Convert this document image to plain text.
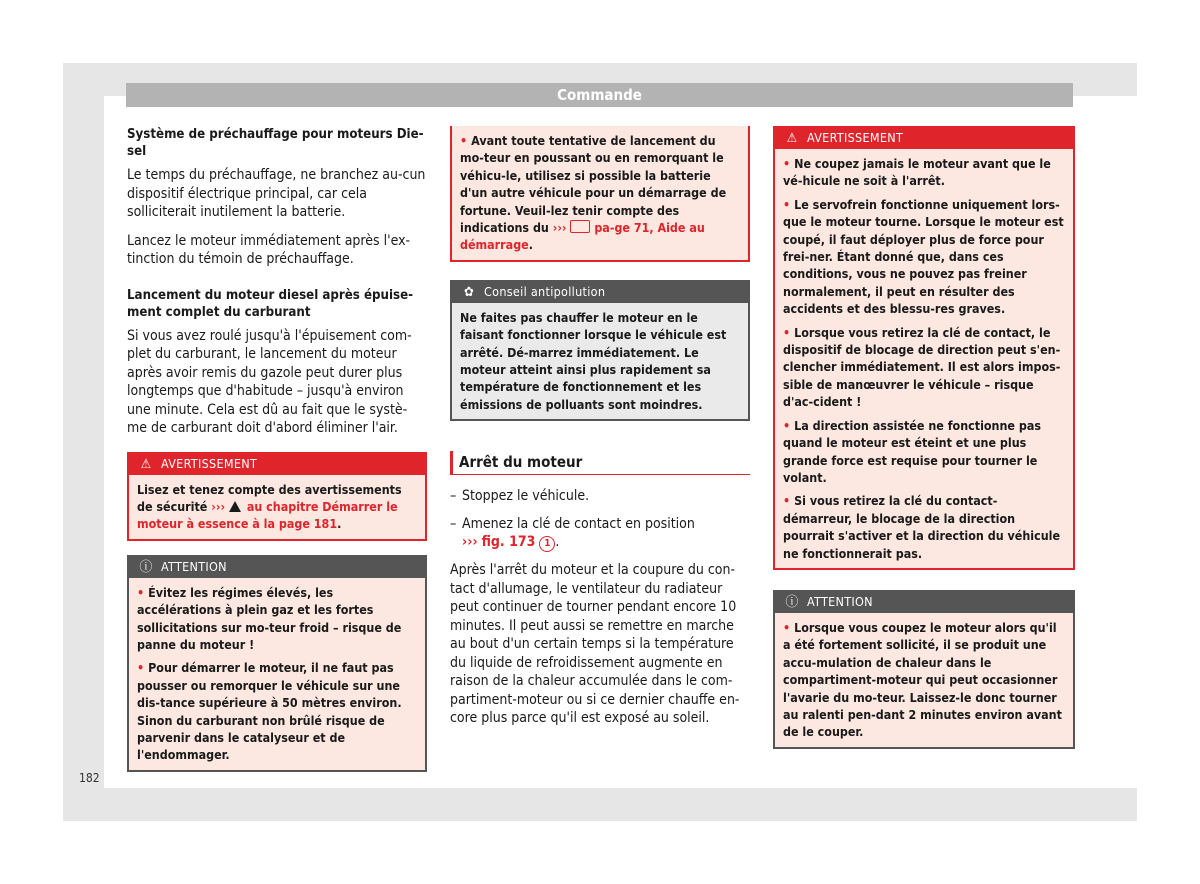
Commande
Système de préchauffage pour moteurs Die-sel
Le temps du préchauffage, ne branchez au-cun dispositif électrique principal, car cela solliciterait inutilement la batterie.
Lancez le moteur immédiatement après l'ex-tinction du témoin de préchauffage.
Lancement du moteur diesel après épuise-ment complet du carburant
Si vous avez roulé jusqu'à l'épuisement com-plet du carburant, le lancement du moteur après avoir remis du gazole peut durer plus longtemps que d'habitude – jusqu'à environ une minute. Cela est dû au fait que le systè-me de carburant doit d'abord éliminer l'air.
⚠ AVERTISSEMENT
Lisez et tenez compte des avertissements de sécurité ››› au chapitre Démarrer le moteur à essence à la page 181.
ⓘ ATTENTION

• Évitez les régimes élevés, les accélérations à plein gaz et les fortes sollicitations sur mo-teur froid – risque de panne du moteur !

• Pour démarrer le moteur, il ne faut pas pousser ou remorquer le véhicule sur une dis-tance supérieure à 50 mètres environ. Sinon du carburant non brûlé risque de parvenir dans le catalyseur et de l'endommager.

• Avant toute tentative de lancement du mo-teur en poussant ou en remorquant le véhicu-le, utilisez si possible la batterie d'un autre véhicule pour un démarrage de fortune. Veuil-lez tenir compte des indications du ››› pa-ge 71, Aide au démarrage.
✿ Conseil antipollution
Ne faites pas chauffer le moteur en le faisant fonctionner lorsque le véhicule est arrêté. Dé-marrez immédiatement. Le moteur atteint ainsi plus rapidement sa température de fonctionnement et les émissions de polluants sont moindres.
Arrêt du moteur
– Stoppez le véhicule.
– Amenez la clé de contact en position
››› fig. 173 1 .
Après l'arrêt du moteur et la coupure du con-tact d'allumage, le ventilateur du radiateur peut continuer de tourner pendant encore 10 minutes. Il peut aussi se remettre en marche au bout d'un certain temps si la température du liquide de refroidissement augmente en raison de la chaleur accumulée dans le com-partiment-moteur ou si ce dernier chauffe en-core plus parce qu'il est exposé au soleil.
⚠ AVERTISSEMENT

• Ne coupez jamais le moteur avant que le vé-hicule ne soit à l'arrêt.

• Le servofrein fonctionne uniquement lors-que le moteur tourne. Lorsque le moteur est coupé, il faut déployer plus de force pour frei-ner. Étant donné que, dans ces conditions, vous ne pouvez pas freiner normalement, il peut en résulter des accidents et des blessu-res graves.

• Lorsque vous retirez la clé de contact, le dispositif de blocage de direction peut s'en-clencher immédiatement. Il est alors impos-sible de manœuvrer le véhicule – risque d'ac-cident !

• La direction assistée ne fonctionne pas quand le moteur est éteint et une plus grande force est requise pour tourner le volant.

• Si vous retirez la clé du contact-démarreur, le blocage de la direction pourrait s'activer et la direction du véhicule ne fonctionnerait pas.

ⓘ ATTENTION

• Lorsque vous coupez le moteur alors qu'il a été fortement sollicité, il se produit une accu-mulation de chaleur dans le compartiment-moteur qui peut occasionner l'avarie du mo-teur. Laissez-le donc tourner au ralenti pen-dant 2 minutes environ avant de le couper.

182
